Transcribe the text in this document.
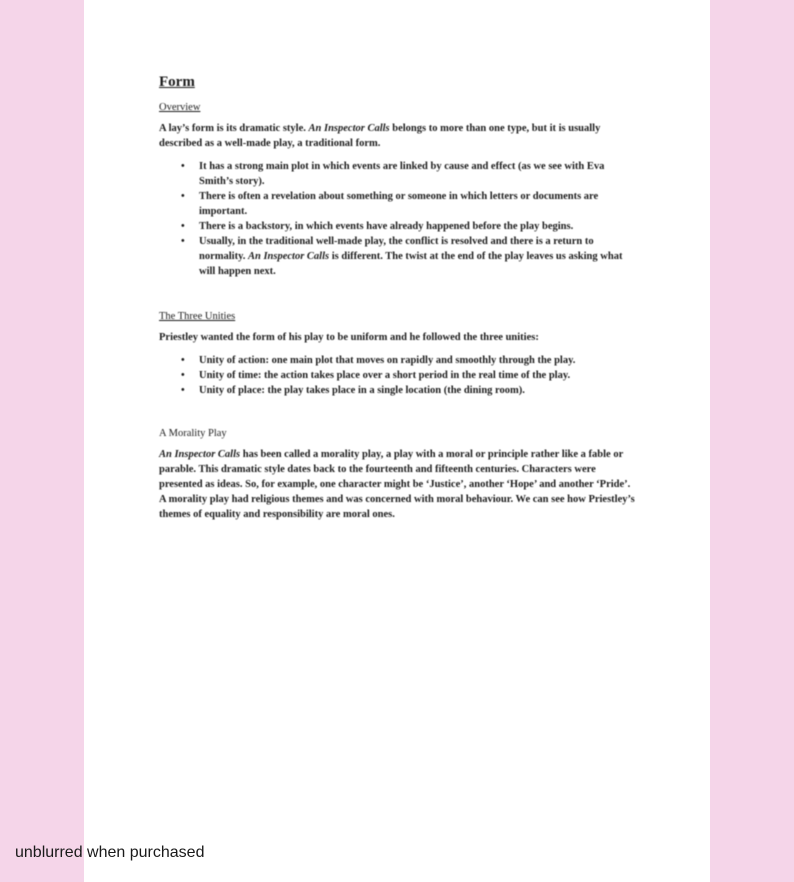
Form
Overview

A lay’s form is its dramatic style. An Inspector Calls belongs to more than one type, but it is usually described as a well-made play, a traditional form.

• It has a strong main plot in which events are linked by cause and effect (as we see with Eva Smith’s story).
• There is often a revelation about something or someone in which letters or documents are important.
• There is a backstory, in which events have already happened before the play begins.
• Usually, in the traditional well-made play, the conflict is resolved and there is a return to normality. An Inspector Calls is different. The twist at the end of the play leaves us asking what will happen next.
The Three Unities

Priestley wanted the form of his play to be uniform and he followed the three unities:

• Unity of action: one main plot that moves on rapidly and smoothly through the play.
• Unity of time: the action takes place over a short period in the real time of the play.
• Unity of place: the play takes place in a single location (the dining room).
A Morality Play

An Inspector Calls has been called a morality play, a play with a moral or principle rather like a fable or parable. This dramatic style dates back to the fourteenth and fifteenth centuries. Characters were presented as ideas. So, for example, one character might be ‘Justice’, another ‘Hope’ and another ‘Pride’. A morality play had religious themes and was concerned with moral behaviour. We can see how Priestley’s themes of equality and responsibility are moral ones.

unblurred when purchased
